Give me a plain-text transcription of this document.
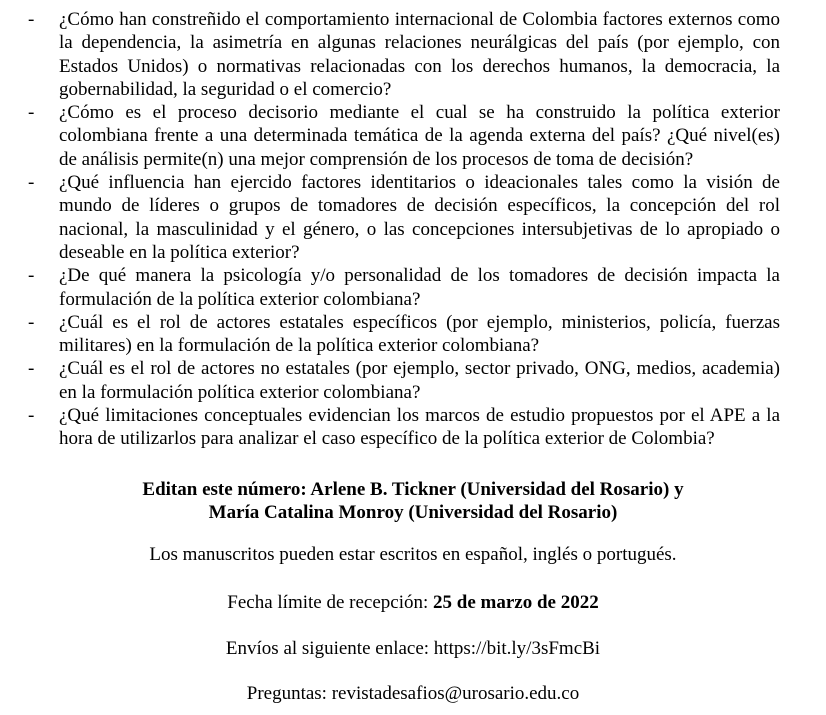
- ¿Cómo han constreñido el comportamiento internacional de Colombia factores externos como la dependencia, la asimetría en algunas relaciones neurálgicas del país (por ejemplo, con Estados Unidos) o normativas relacionadas con los derechos humanos, la democracia, la gobernabilidad, la seguridad o el comercio?
- ¿Cómo es el proceso decisorio mediante el cual se ha construido la política exterior colombiana frente a una determinada temática de la agenda externa del país? ¿Qué nivel(es) de análisis permite(n) una mejor comprensión de los procesos de toma de decisión?
- ¿Qué influencia han ejercido factores identitarios o ideacionales tales como la visión de mundo de líderes o grupos de tomadores de decisión específicos, la concepción del rol nacional, la masculinidad y el género, o las concepciones intersubjetivas de lo apropiado o deseable en la política exterior?
- ¿De qué manera la psicología y/o personalidad de los tomadores de decisión impacta la formulación de la política exterior colombiana?
- ¿Cuál es el rol de actores estatales específicos (por ejemplo, ministerios, policía, fuerzas militares) en la formulación de la política exterior colombiana?
- ¿Cuál es el rol de actores no estatales (por ejemplo, sector privado, ONG, medios, academia) en la formulación política exterior colombiana?
- ¿Qué limitaciones conceptuales evidencian los marcos de estudio propuestos por el APE a la hora de utilizarlos para analizar el caso específico de la política exterior de Colombia?
Editan este número: Arlene B. Tickner (Universidad del Rosario) y
María Catalina Monroy (Universidad del Rosario)
Los manuscritos pueden estar escritos en español, inglés o portugués.
Fecha límite de recepción: 25 de marzo de 2022
Envíos al siguiente enlace: https://bit.ly/3sFmcBi
Preguntas: revistadesafios@urosario.edu.co
